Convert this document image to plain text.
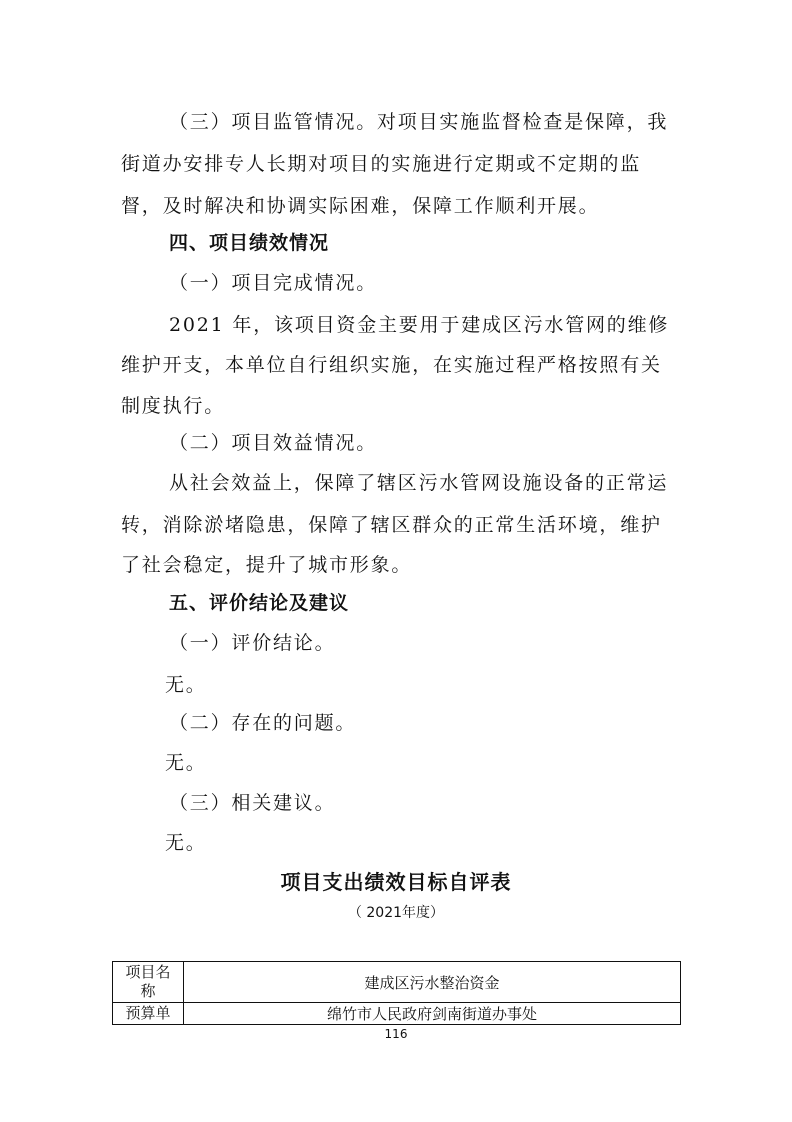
（三）项目监管情况。对项目实施监督检查是保障，我
街道办安排专人长期对项目的实施进行定期或不定期的监
督，及时解决和协调实际困难，保障工作顺利开展。
四、项目绩效情况
（一）项目完成情况。
2021 年，该项目资金主要用于建成区污水管网的维修
维护开支，本单位自行组织实施，在实施过程严格按照有关
制度执行。
（二）项目效益情况。
从社会效益上，保障了辖区污水管网设施设备的正常运
转，消除淤堵隐患，保障了辖区群众的正常生活环境，维护
了社会稳定，提升了城市形象。
五、评价结论及建议
（一）评价结论。
无。
（二）存在的问题。
无。
（三）相关建议。
无。
项目支出绩效目标自评表
（ 2021年度）
项目名
称	建成区污水整治资金
预算单	绵竹市人民政府剑南街道办事处
116
